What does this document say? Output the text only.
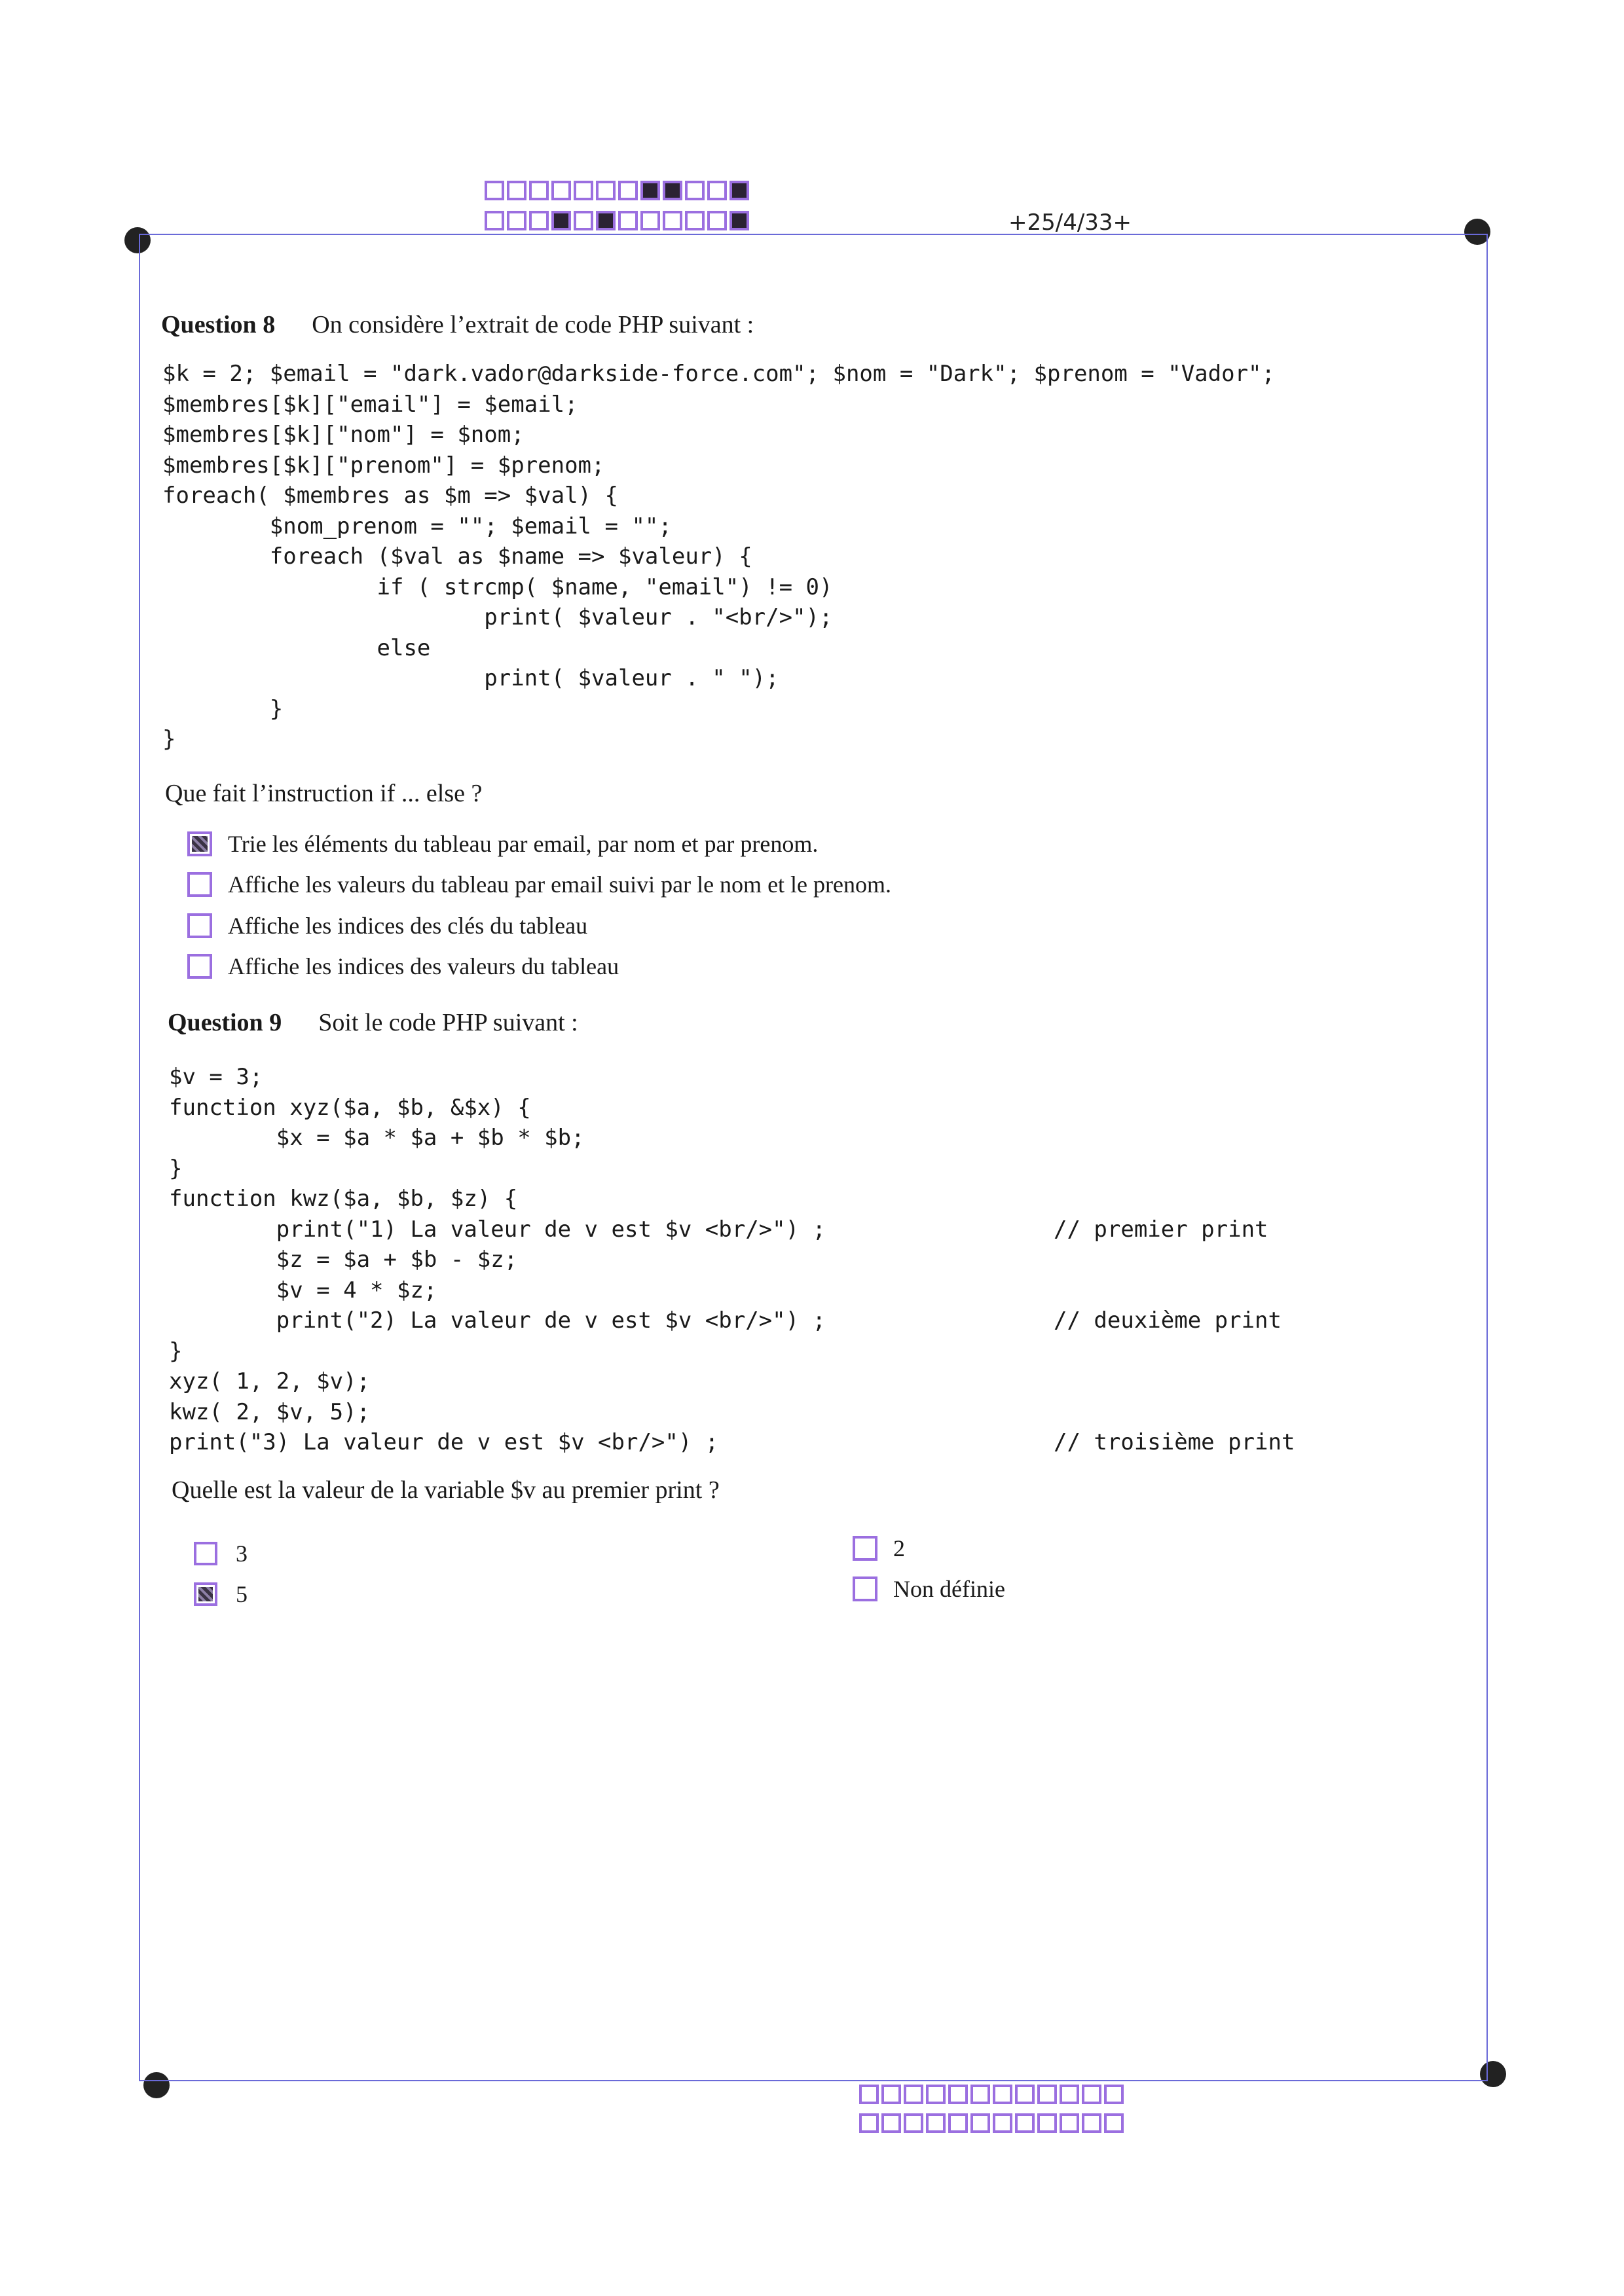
+25/4/33+
Question 8 On considère l’extrait de code PHP suivant :
$k = 2; $email = "dark.vador@darkside-force.com"; $nom = "Dark"; $prenom = "Vador";
$membres[$k]["email"] = $email;
$membres[$k]["nom"] = $nom;
$membres[$k]["prenom"] = $prenom;
foreach( $membres as $m => $val) {
$nom_prenom = ""; $email = "";
foreach ($val as $name => $valeur) {
if ( strcmp( $name, "email") != 0)
print( $valeur . "<br/>");
else
print( $valeur . " ");
}
}
Que fait l’instruction if ... else ?
Trie les éléments du tableau par email, par nom et par prenom.
Affiche les valeurs du tableau par email suivi par le nom et le prenom.
Affiche les indices des clés du tableau
Affiche les indices des valeurs du tableau
Question 9 Soit le code PHP suivant :
$v = 3;
function xyz($a, $b, &$x) {
$x = $a * $a + $b * $b;
}
function kwz($a, $b, $z) {
print("1) La valeur de v est $v <br/>") ;                 // premier print
$z = $a + $b - $z;
$v = 4 * $z;
print("2) La valeur de v est $v <br/>") ;                 // deuxième print
}
xyz( 1, 2, $v);
kwz( 2, $v, 5);
print("3) La valeur de v est $v <br/>") ;                         // troisième print
Quelle est la valeur de la variable $v au premier print ?
3
5
2
Non définie
